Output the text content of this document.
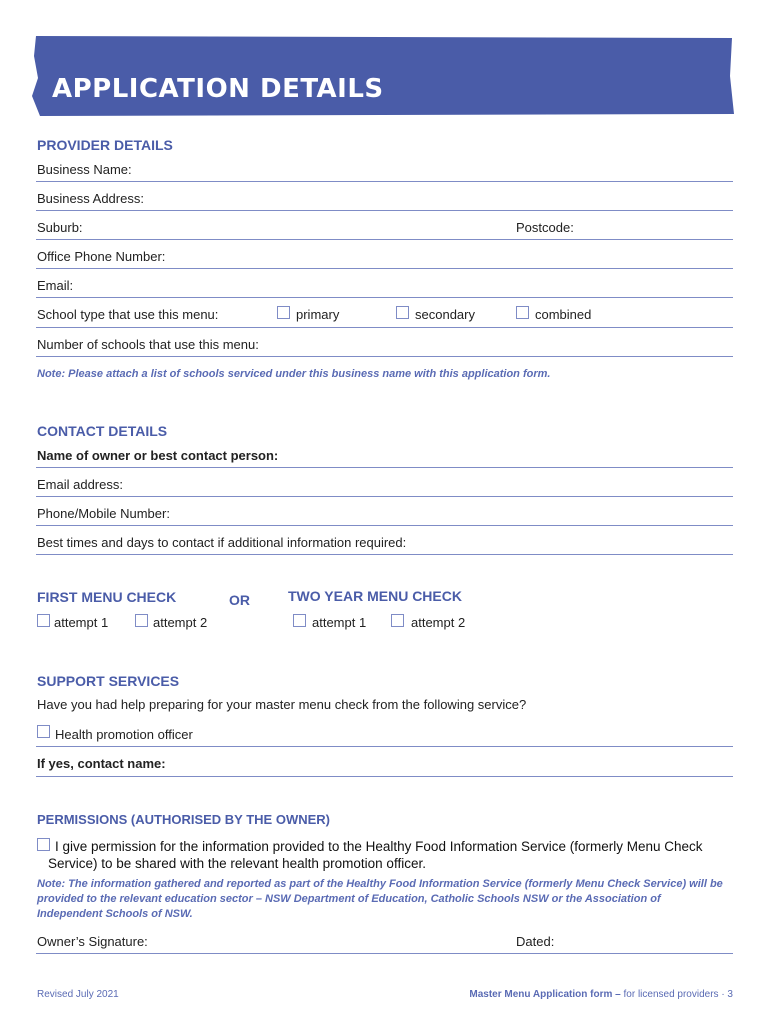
APPLICATION DETAILS
PROVIDER DETAILS
Business Name:
Business Address:
Suburb:	Postcode:
Office Phone Number:
Email:
School type that use this menu:	primary	secondary	combined
Number of schools that use this menu:
Note: Please attach a list of schools serviced under this business name with this application form.
CONTACT DETAILS
Name of owner or best contact person:
Email address:
Phone/Mobile Number:
Best times and days to contact if additional information required:
FIRST MENU CHECK	OR	TWO YEAR MENU CHECK
attempt 1	attempt 2	attempt 1	attempt 2
SUPPORT SERVICES
Have you had help preparing for your master menu check from the following service?
Health promotion officer
If yes, contact name:
PERMISSIONS (AUTHORISED BY THE OWNER)
I give permission for the information provided to the Healthy Food Information Service (formerly Menu Check Service) to be shared with the relevant health promotion officer.
Note: The information gathered and reported as part of the Healthy Food Information Service (formerly Menu Check Service) will be provided to the relevant education sector – NSW Department of Education, Catholic Schools NSW or the Association of Independent Schools of NSW.
Owner’s Signature:	Dated:
Revised July 2021	Master Menu Application form – for licensed providers · 3
